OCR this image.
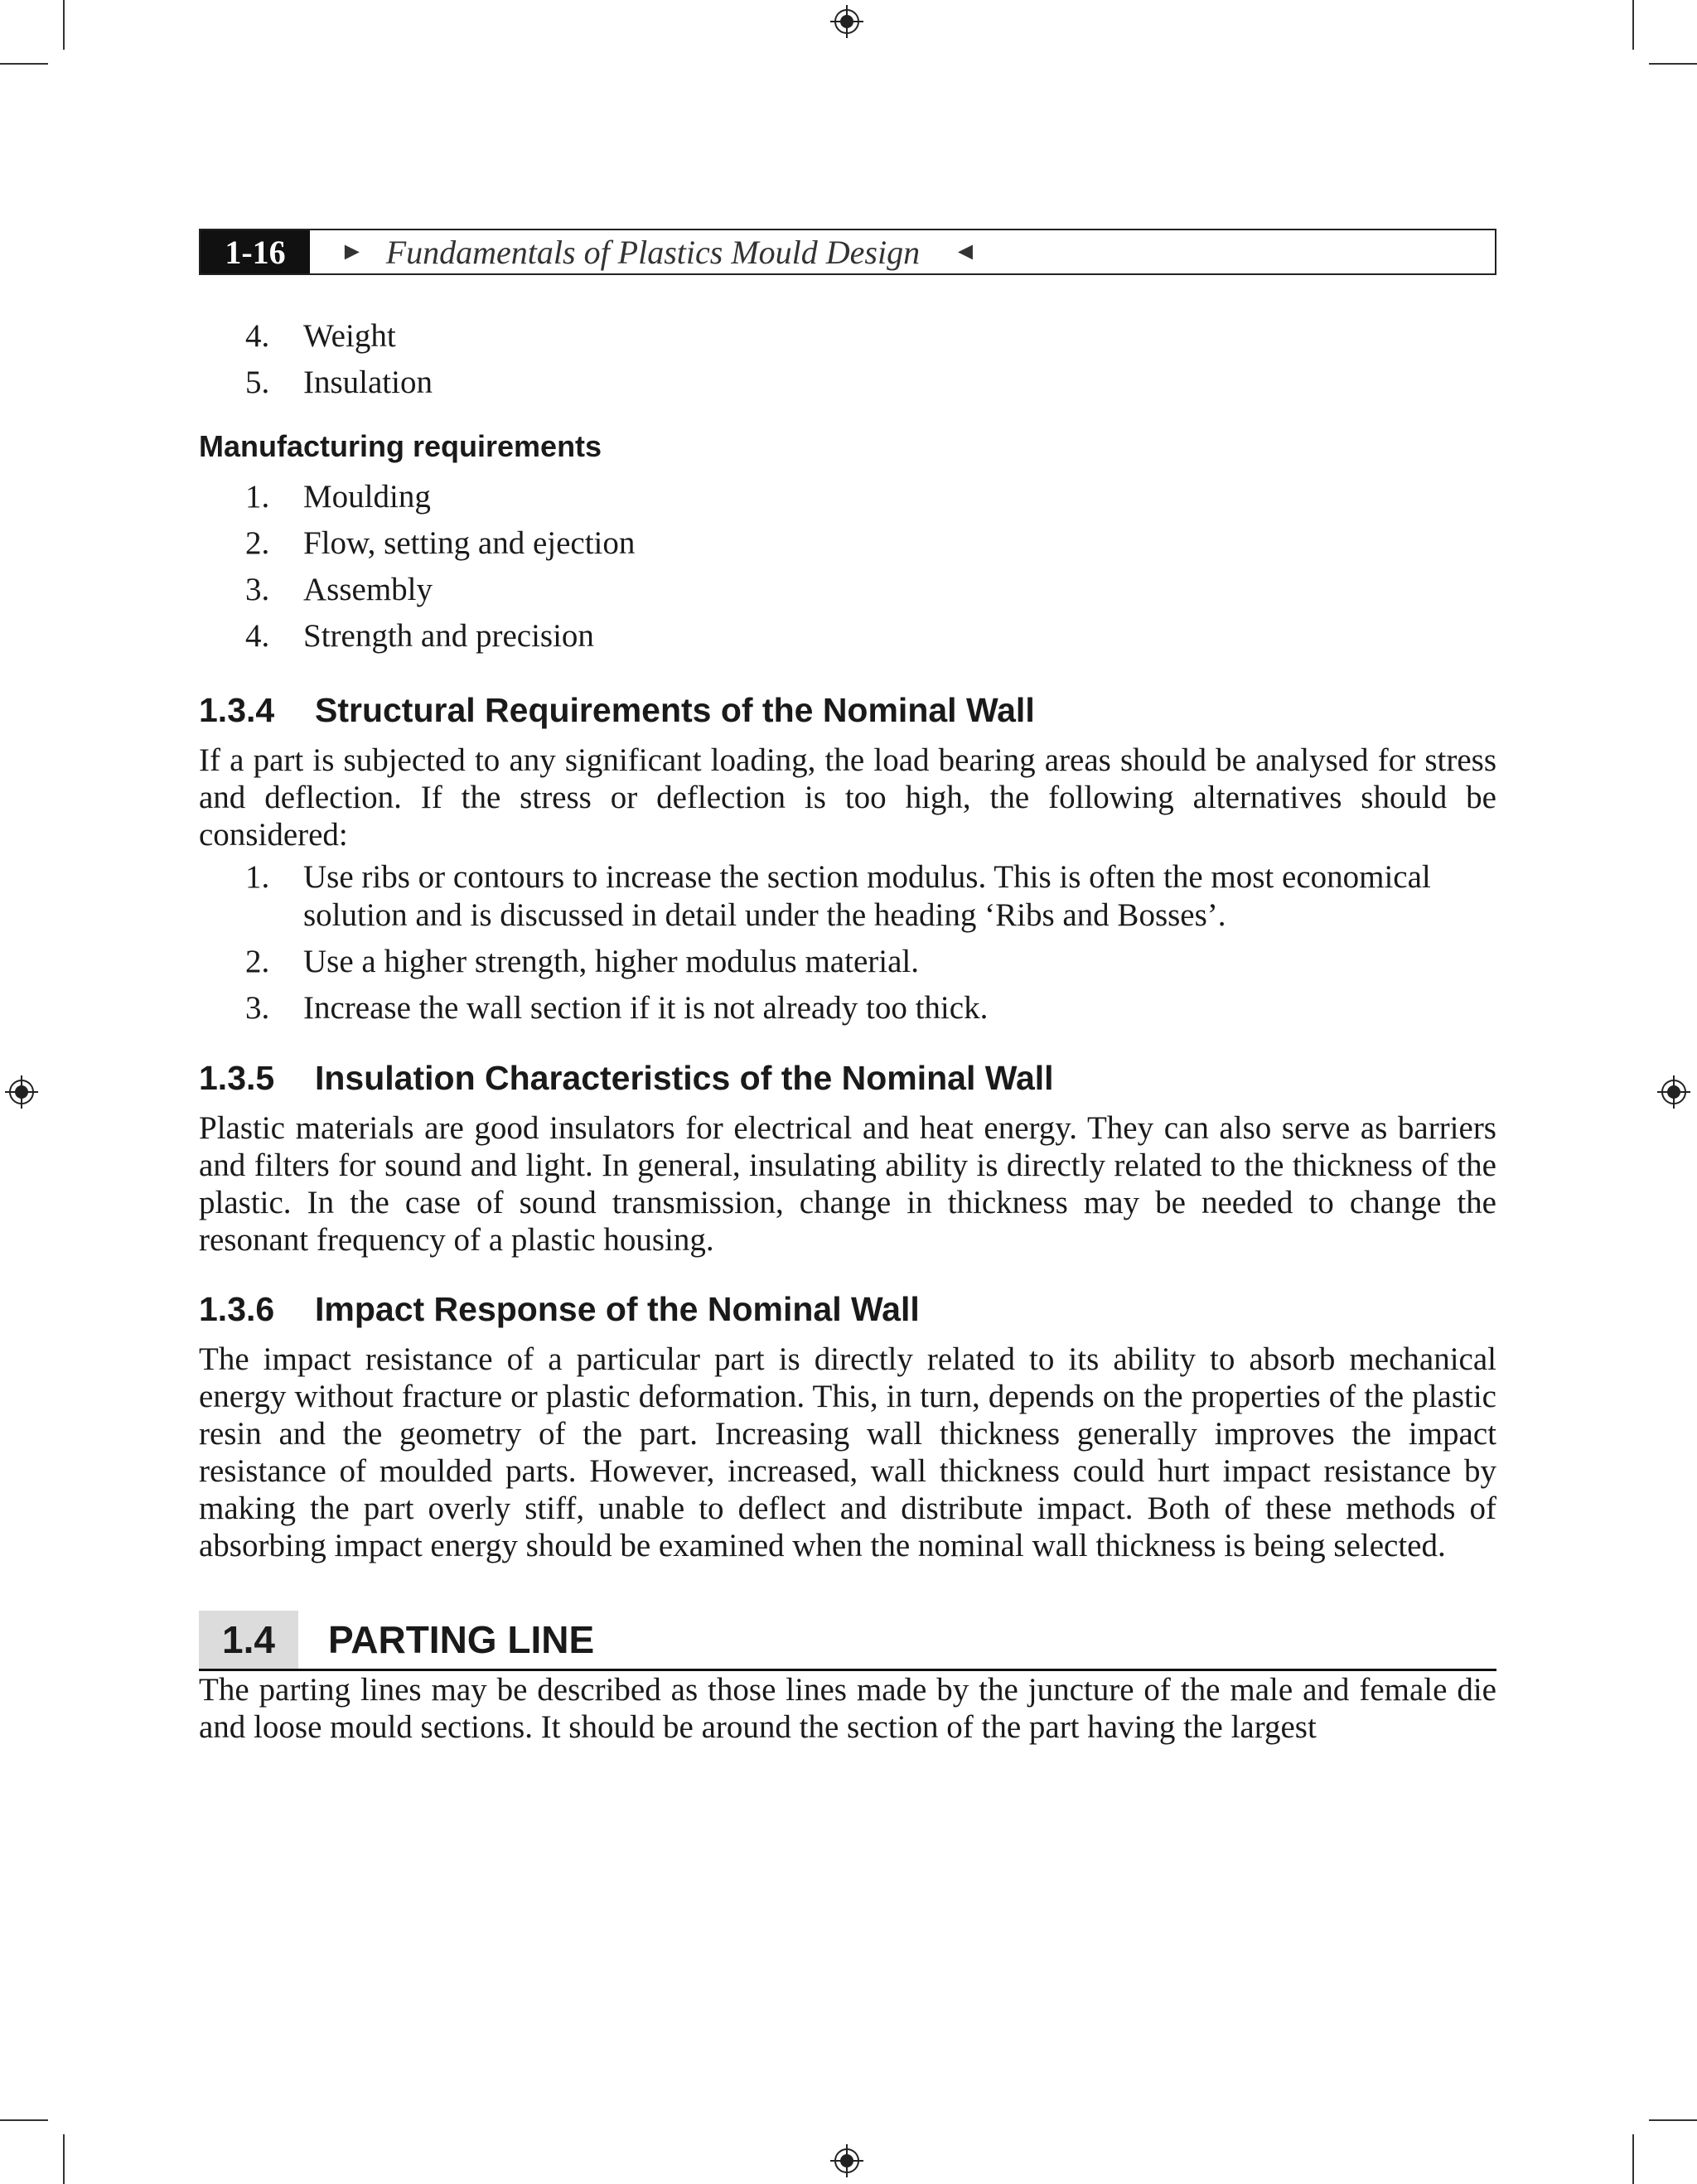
1-16	► Fundamentals of Plastics Mould Design ◄
4. Weight
5. Insulation
Manufacturing requirements
1. Moulding
2. Flow, setting and ejection
3. Assembly
4. Strength and precision
1.3.4	Structural Requirements of the Nominal Wall

If a part is subjected to any significant loading, the load bearing areas should be analysed for stress and deflection. If the stress or deflection is too high, the following alternatives should be considered:

1. Use ribs or contours to increase the section modulus. This is often the most economical solution and is discussed in detail under the heading ‘Ribs and Bosses’.
2. Use a higher strength, higher modulus material.
3. Increase the wall section if it is not already too thick.
1.3.5	Insulation Characteristics of the Nominal Wall

Plastic materials are good insulators for electrical and heat energy. They can also serve as barriers and filters for sound and light. In general, insulating ability is directly related to the thickness of the plastic. In the case of sound transmission, change in thickness may be needed to change the resonant frequency of a plastic housing.

1.3.6	Impact Response of the Nominal Wall

The impact resistance of a particular part is directly related to its ability to absorb mechanical energy without fracture or plastic deformation. This, in turn, depends on the properties of the plastic resin and the geometry of the part. Increasing wall thickness generally improves the impact resistance of moulded parts. However, increased, wall thickness could hurt impact resistance by making the part overly stiff, unable to deflect and distribute impact. Both of these methods of absorbing impact energy should be examined when the nominal wall thickness is being selected.

1.4	PARTING LINE

The parting lines may be described as those lines made by the juncture of the male and female die and loose mould sections. It should be around the section of the part having the largest
